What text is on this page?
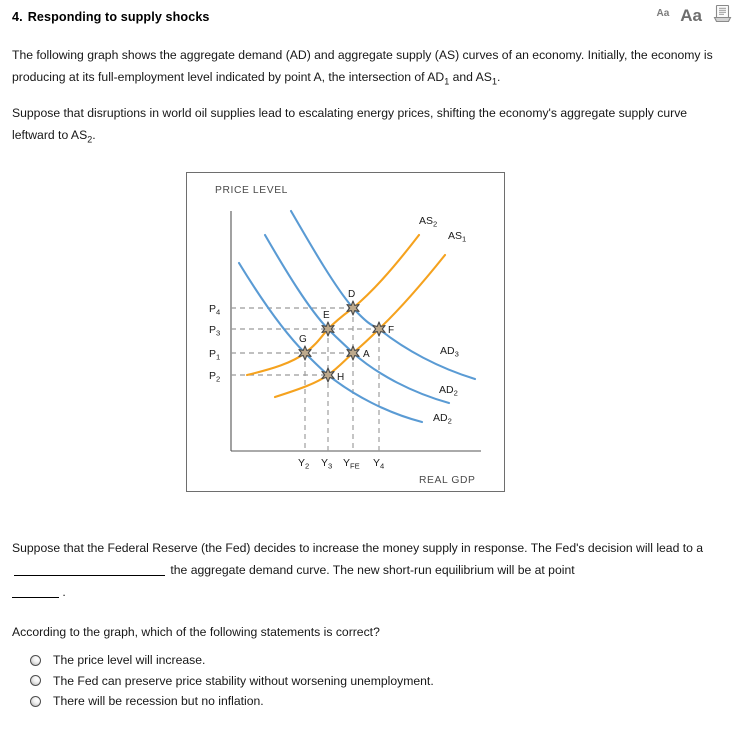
4. Responding to supply shocks	Aa Aa
The following graph shows the aggregate demand (AD) and aggregate supply (AS) curves of an economy. Initially, the economy is producing at its full-employment level indicated by point A, the intersection of $AD_1$ and $AS_1$.
Suppose that disruptions in world oil supplies lead to escalating energy prices, shifting the economy's aggregate supply curve leftward to $AS_2$.
PRICE LEVEL
REAL GDP
$AS_2$
$AS_1$
$AD_3$
$AD_2$
$AD_2$
$P_4$
$P_3$
$P_1$
$P_2$
$Y_2$ $Y_3$ $Y_{FE}$ $Y_4$
D
E
F
G
A
H
Suppose that the Federal Reserve (the Fed) decides to increase the money supply in response. The Fed's decision will lead to a  the aggregate demand curve. The new short-run equilibrium will be at point
.
According to the graph, which of the following statements is correct?
The price level will increase.
The Fed can preserve price stability without worsening unemployment.
There will be recession but no inflation.
